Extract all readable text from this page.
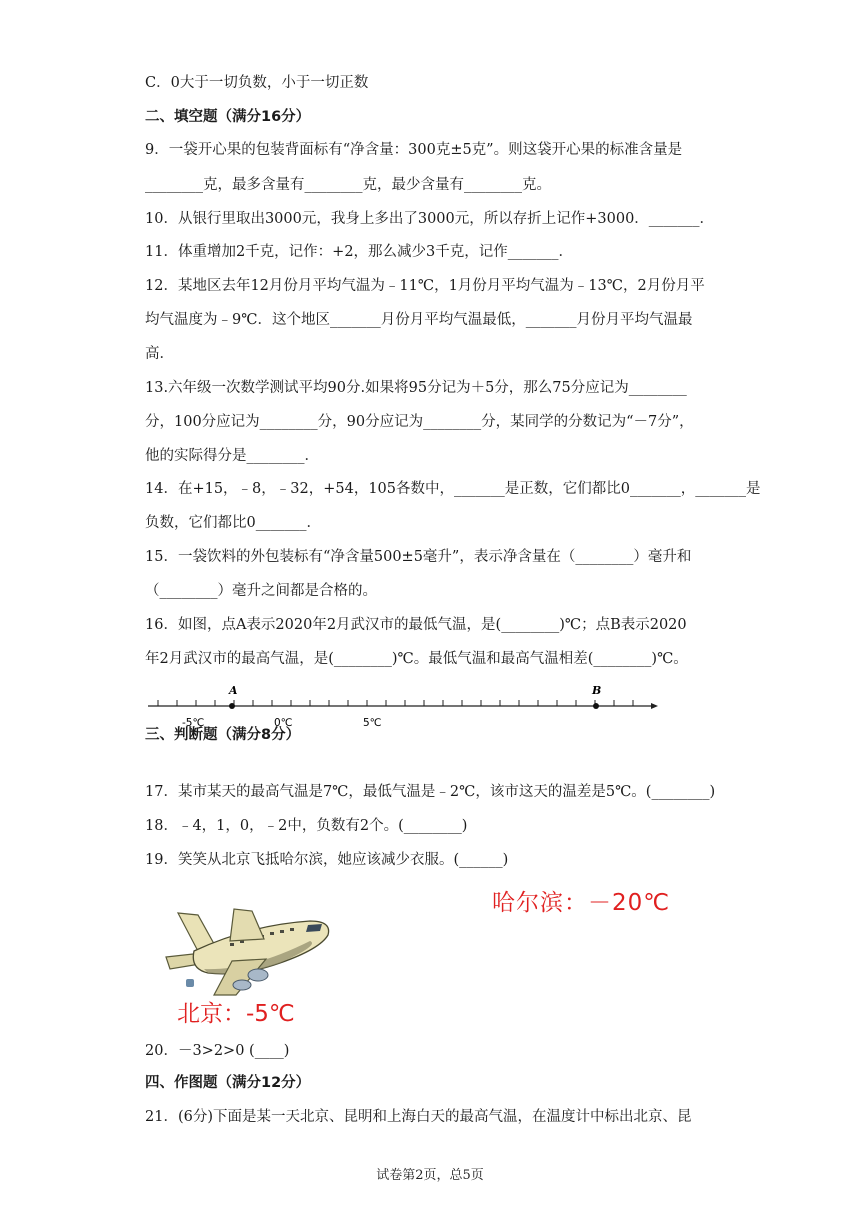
C．0大于一切负数，小于一切正数
二、填空题（满分16分）
9．一袋开心果的包装背面标有“净含量：300克±5克”。则这袋开心果的标准含量是
________克，最多含量有________克，最少含量有________克。
10．从银行里取出3000元，我身上多出了3000元，所以存折上记作+3000．_______．
11．体重增加2千克，记作：+2，那么减少3千克，记作_______．
12．某地区去年12月份月平均气温为﹣11℃，1月份月平均气温为﹣13℃，2月份月平
均气温度为﹣9℃．这个地区_______月份月平均气温最低，_______月份月平均气温最
高．
13.六年级一次数学测试平均90分.如果将95分记为＋5分，那么75分应记为________
分，100分应记为________分，90分应记为________分，某同学的分数记为“－7分”，
他的实际得分是________．
14．在+15，﹣8，﹣32，+54，105各数中，_______是正数，它们都比0_______，_______是
负数，它们都比0_______．
15．一袋饮料的外包装标有“净含量500±5毫升”，表示净含量在（________）毫升和
（________）毫升之间都是合格的。
16．如图，点A表示2020年2月武汉市的最低气温，是(________)℃；点B表示2020
年2月武汉市的最高气温，是(________)℃。最低气温和最高气温相差(________)℃。
A	B
-5℃	0℃	5℃
三、判断题（满分8分）
17．某市某天的最高气温是7℃，最低气温是﹣2℃，该市这天的温差是5℃。(________)
18．﹣4，1，0，﹣2中，负数有2个。(________)
19．笑笑从北京飞抵哈尔滨，她应该减少衣服。(______)
哈尔滨：－20℃
北京：-5℃
20．－3>2>0 (____)
四、作图题（满分12分）
21．(6分)下面是某一天北京、昆明和上海白天的最高气温，在温度计中标出北京、昆
试卷第2页，总5页
